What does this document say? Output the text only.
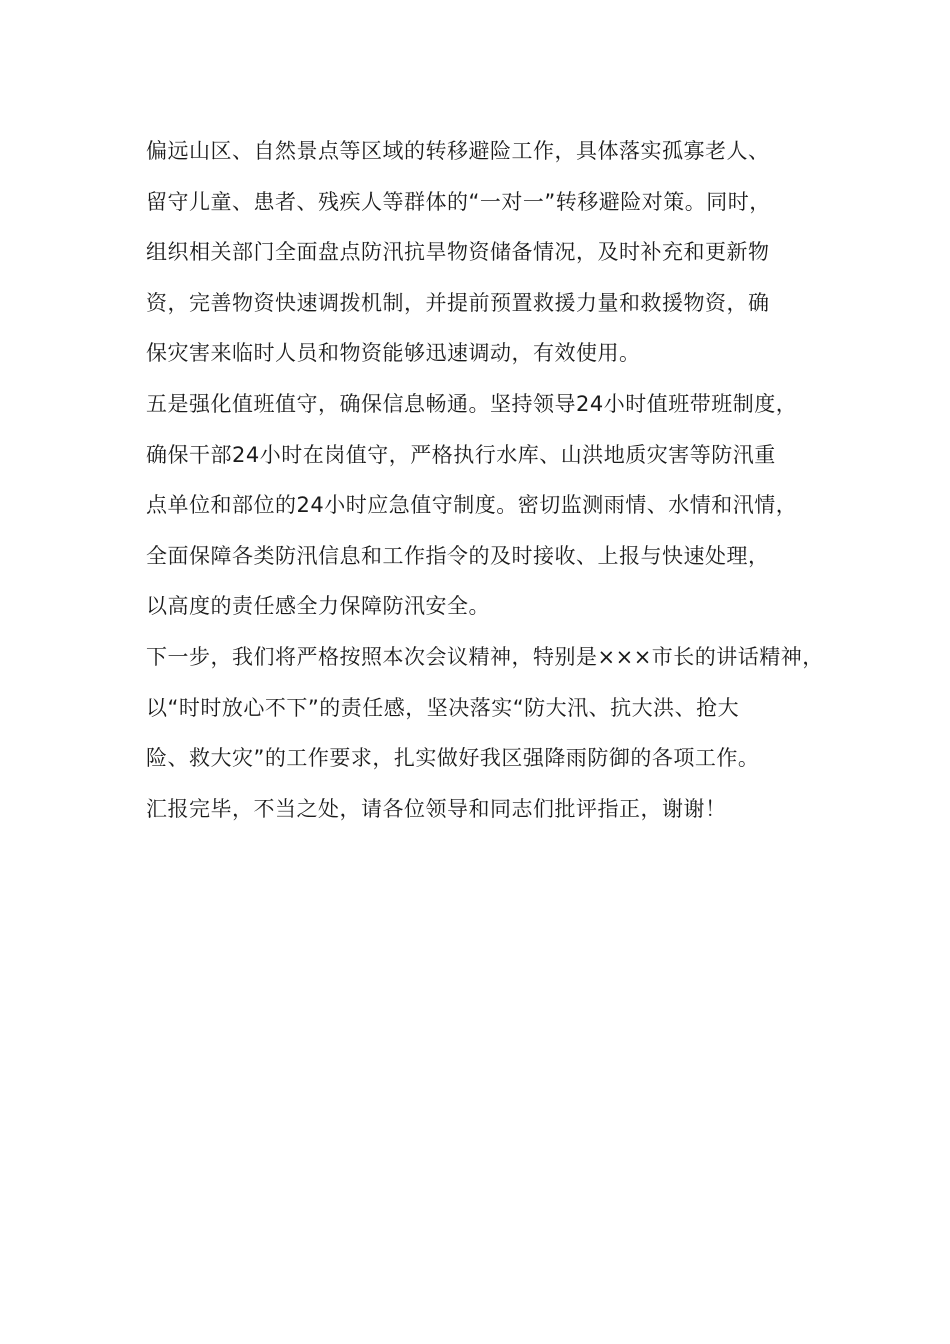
偏远山区、自然景点等区域的转移避险工作，具体落实孤寡老人、
留守儿童、患者、残疾人等群体的“一对一”转移避险对策。同时，
组织相关部门全面盘点防汛抗旱物资储备情况，及时补充和更新物
资，完善物资快速调拨机制，并提前预置救援力量和救援物资，确
保灾害来临时人员和物资能够迅速调动，有效使用。
五是强化值班值守，确保信息畅通。坚持领导24小时值班带班制度，
确保干部24小时在岗值守，严格执行水库、山洪地质灾害等防汛重
点单位和部位的24小时应急值守制度。密切监测雨情、水情和汛情，
全面保障各类防汛信息和工作指令的及时接收、上报与快速处理，
以高度的责任感全力保障防汛安全。
下一步，我们将严格按照本次会议精神，特别是×××市长的讲话精神，
以“时时放心不下”的责任感，坚决落实“防大汛、抗大洪、抢大
险、救大灾”的工作要求，扎实做好我区强降雨防御的各项工作。
汇报完毕，不当之处，请各位领导和同志们批评指正，谢谢！
